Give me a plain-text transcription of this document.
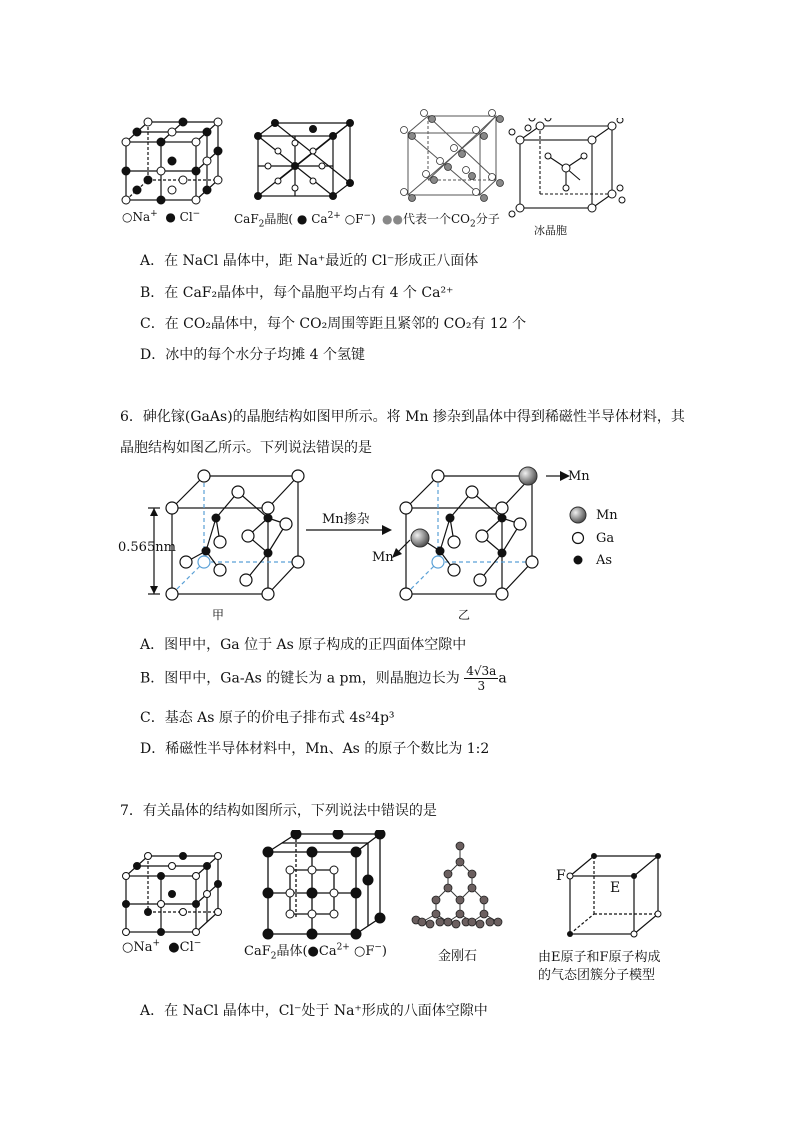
○Na+ ● Cl−	CaF$_2$晶胞( ● $Ca^{2+}$ ○F−) ●●代表一个$CO_2$分子
冰晶胞
A．在 NaCl 晶体中，距 Na⁺最近的 Cl⁻形成正八面体
B．在 CaF₂晶体中，每个晶胞平均占有 4 个 Ca²⁺
C．在 CO₂晶体中，每个 CO₂周围等距且紧邻的 CO₂有 12 个
D．冰中的每个水分子均摊 4 个氢键
6．砷化镓(GaAs)的晶胞结构如图甲所示。将 Mn 掺杂到晶体中得到稀磁性半导体材料，其
晶胞结构如图乙所示。下列说法错误的是
0.565nm
甲
Mn掺杂
Mn
Mn
乙
Mn
Ga
As
A．图甲中，Ga 位于 As 原子构成的正四面体空隙中
B．图甲中，Ga-As 的键长为 a pm，则晶胞边长为 $\frac{4√3a}{3}$ a
C．基态 As 原子的价电子排布式 4s²4p³
D．稀磁性半导体材料中，Mn、As 的原子个数比为 1:2
7．有关晶体的结构如图所示，下列说法中错误的是
○Na+ ●Cl−
CaF$_2$晶体($●Ca^{2+}$ ○F−)	金刚石
F
E
由E原子和F原子构成
的气态团簇分子模型
A．在 NaCl 晶体中，Cl⁻处于 Na⁺形成的八面体空隙中
